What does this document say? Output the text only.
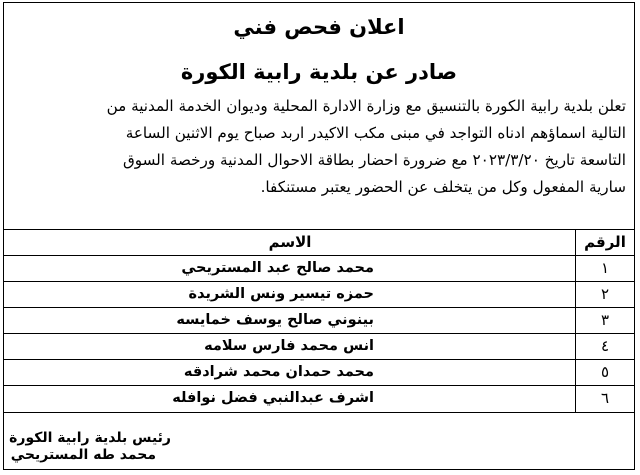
اعلان فحص فني
صادر عن بلدية رابية الكورة
تعلن بلدية رابية الكورة بالتنسيق مع وزارة الادارة المحلية وديوان الخدمة المدنية من
التالية اسماؤهم ادناه التواجد في مبنى مكب الاكيدر اربد صباح يوم الاثنين الساعة
التاسعة تاريخ ٢٠٢٣/٣/٢٠ مع ضرورة احضار بطاقة الاحوال المدنية ورخصة السوق
سارية المفعول وكل من يتخلف عن الحضور يعتبر مستنكفا.
الرقم
الاسم
١
محمد صالح عبد المستريحي
٢
حمزه تيسير ونس الشريدة
٣
بينوني صالح يوسف خمايسه
٤
انس محمد فارس سلامه
٥
محمد حمدان محمد شرادقه
٦
اشرف عبدالنبي فضل نوافله
رئيس بلدية رابية الكورة
محمد طه المستريحي
